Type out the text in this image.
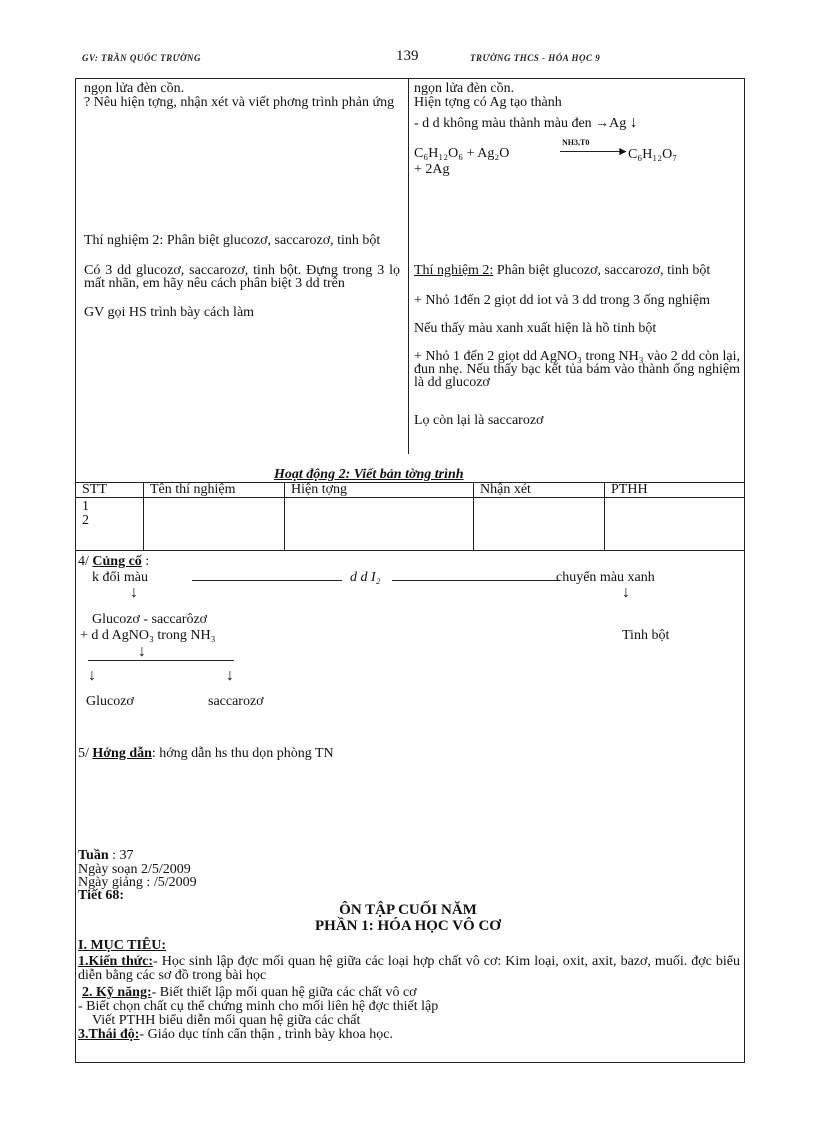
GV: TRẦN QUỐC TRƯỜNG	139	TRƯỜNG THCS - HÓA HỌC 9
ngọn lửa đèn cồn.
? Nêu hiện tợng, nhận xét và viết phơng trình phản ứng
Thí nghiệm 2: Phân biệt glucozơ, saccarozơ, tinh bột
Có 3 dd glucozơ, saccarozơ, tinh bột. Đựng trong 3 lọ mất nhãn, em hãy nêu cách phân biệt 3 dd trên
GV gọi HS trình bày cách làm
ngọn lửa đèn cồn.
Hiện tợng có Ag tạo thành
- d d không màu thành màu đen →Ag ↓
C₆H₁₂O₆ + Ag₂O
NH3,T0
► C₆H₁₂O₇
+ 2Ag
Thí nghiệm 2: Phân biệt glucozơ, saccarozơ, tinh bột
+ Nhỏ 1đến 2 giọt dd iot và 3 dd trong 3 ống nghiệm
Nếu thấy màu xanh xuất hiện là hồ tinh bột
+ Nhỏ 1 đến 2 giọt dd AgNO₃ trong NH₃ vào 2 dd còn lại, đun nhẹ. Nếu thấy bạc kết tủa bám vào thành ống nghiệm là dd glucozơ
Lọ còn lại là saccarozơ
Hoạt động 2: Viết bản tờng trình
STT	Tên thí nghiệm	Hiện tợng	Nhận xét	PTHH

1
2				

4/ Củng cố :
k đổi màu	d d I₂	chuyển màu xanh
↓	↓
Glucozơ - saccarôzơ
+ d d AgNO₃ trong NH₃	Tinh bột
↓
↓	↓
Glucozơ	saccarozơ
5/ Hớng dẫn: hớng dẫn hs thu dọn phòng TN
Tuần : 37
Ngày soạn 2/5/2009
Ngày giảng : /5/2009
Tiết 68:
ÔN TẬP CUỐI NĂM
PHẦN 1: HÓA HỌC VÔ CƠ
I. MỤC TIÊU:
1.Kiến thức:- Học sinh lập đợc mối quan hệ giữa các loại hợp chất vô cơ: Kim loại, oxit, axit, bazơ, muối. đợc biểu diễn bằng các sơ đồ trong bài học
2. Kỹ năng:- Biết thiết lập mối quan hệ giữa các chất vô cơ
- Biết chọn chất cụ thể chứng minh cho mối liên hệ đợc thiết lập
Viết PTHH biểu diễn mối quan hệ giữa các chất
3.Thái độ:- Giáo dục tính cẩn thận , trình bày khoa học.
